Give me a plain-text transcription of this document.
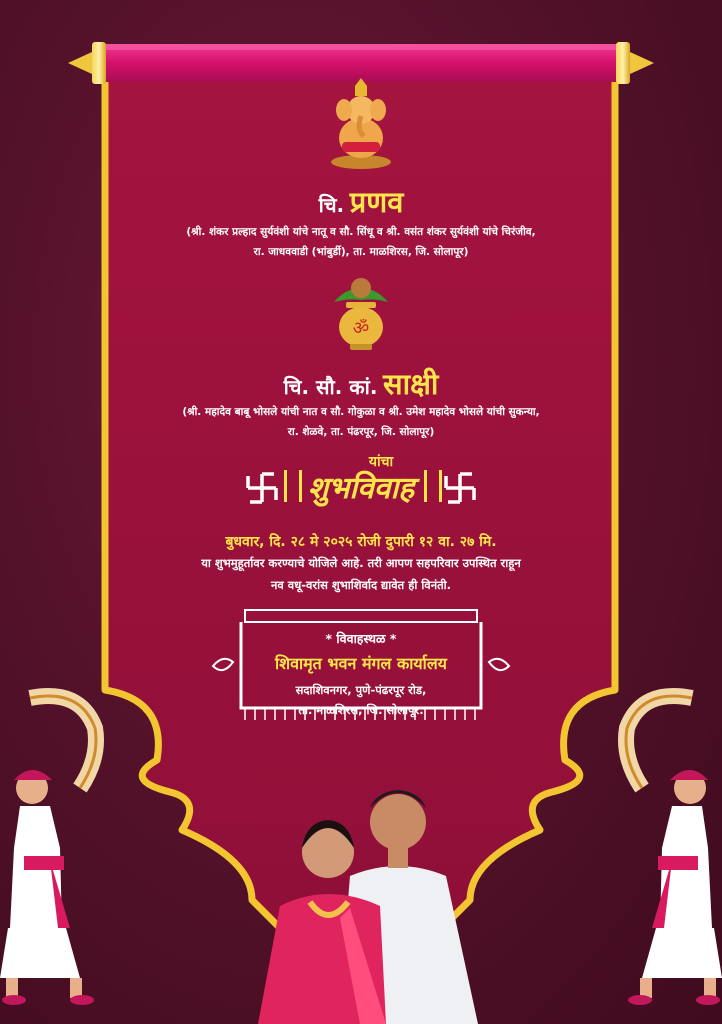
चि. प्रणव
(श्री. शंकर प्रल्हाद सुर्यवंशी यांचे नातू व सौ. सिंधू व श्री. वसंत शंकर सुर्यवंशी यांचे चिरंजीव,
रा. जाधववाडी (भांबुर्डी), ता. माळशिरस, जि. सोलापूर)
ॐ
चि. सौ. कां. साक्षी
(श्री. महादेव बाबू भोसले यांची नात व सौ. गोकुळा व श्री. उमेश महादेव भोसले यांची सुकन्या,
रा. शेळवे, ता. पंढरपूर, जि. सोलापूर)
यांचा
शुभविवाह
बुधवार, दि. २८ मे २०२५ रोजी दुपारी १२ वा. २७ मि.
या शुभमुहूर्तावर करण्याचे योजिले आहे. तरी आपण सहपरिवार उपस्थित राहून
नव वधू-वरांस शुभाशिर्वाद द्यावेत ही विनंती.
* विवाहस्थळ *
शिवामृत भवन मंगल कार्यालय
सदाशिवनगर, पुणे-पंढरपूर रोड,
ता. माळशिरस, जि. सोलापूर.
